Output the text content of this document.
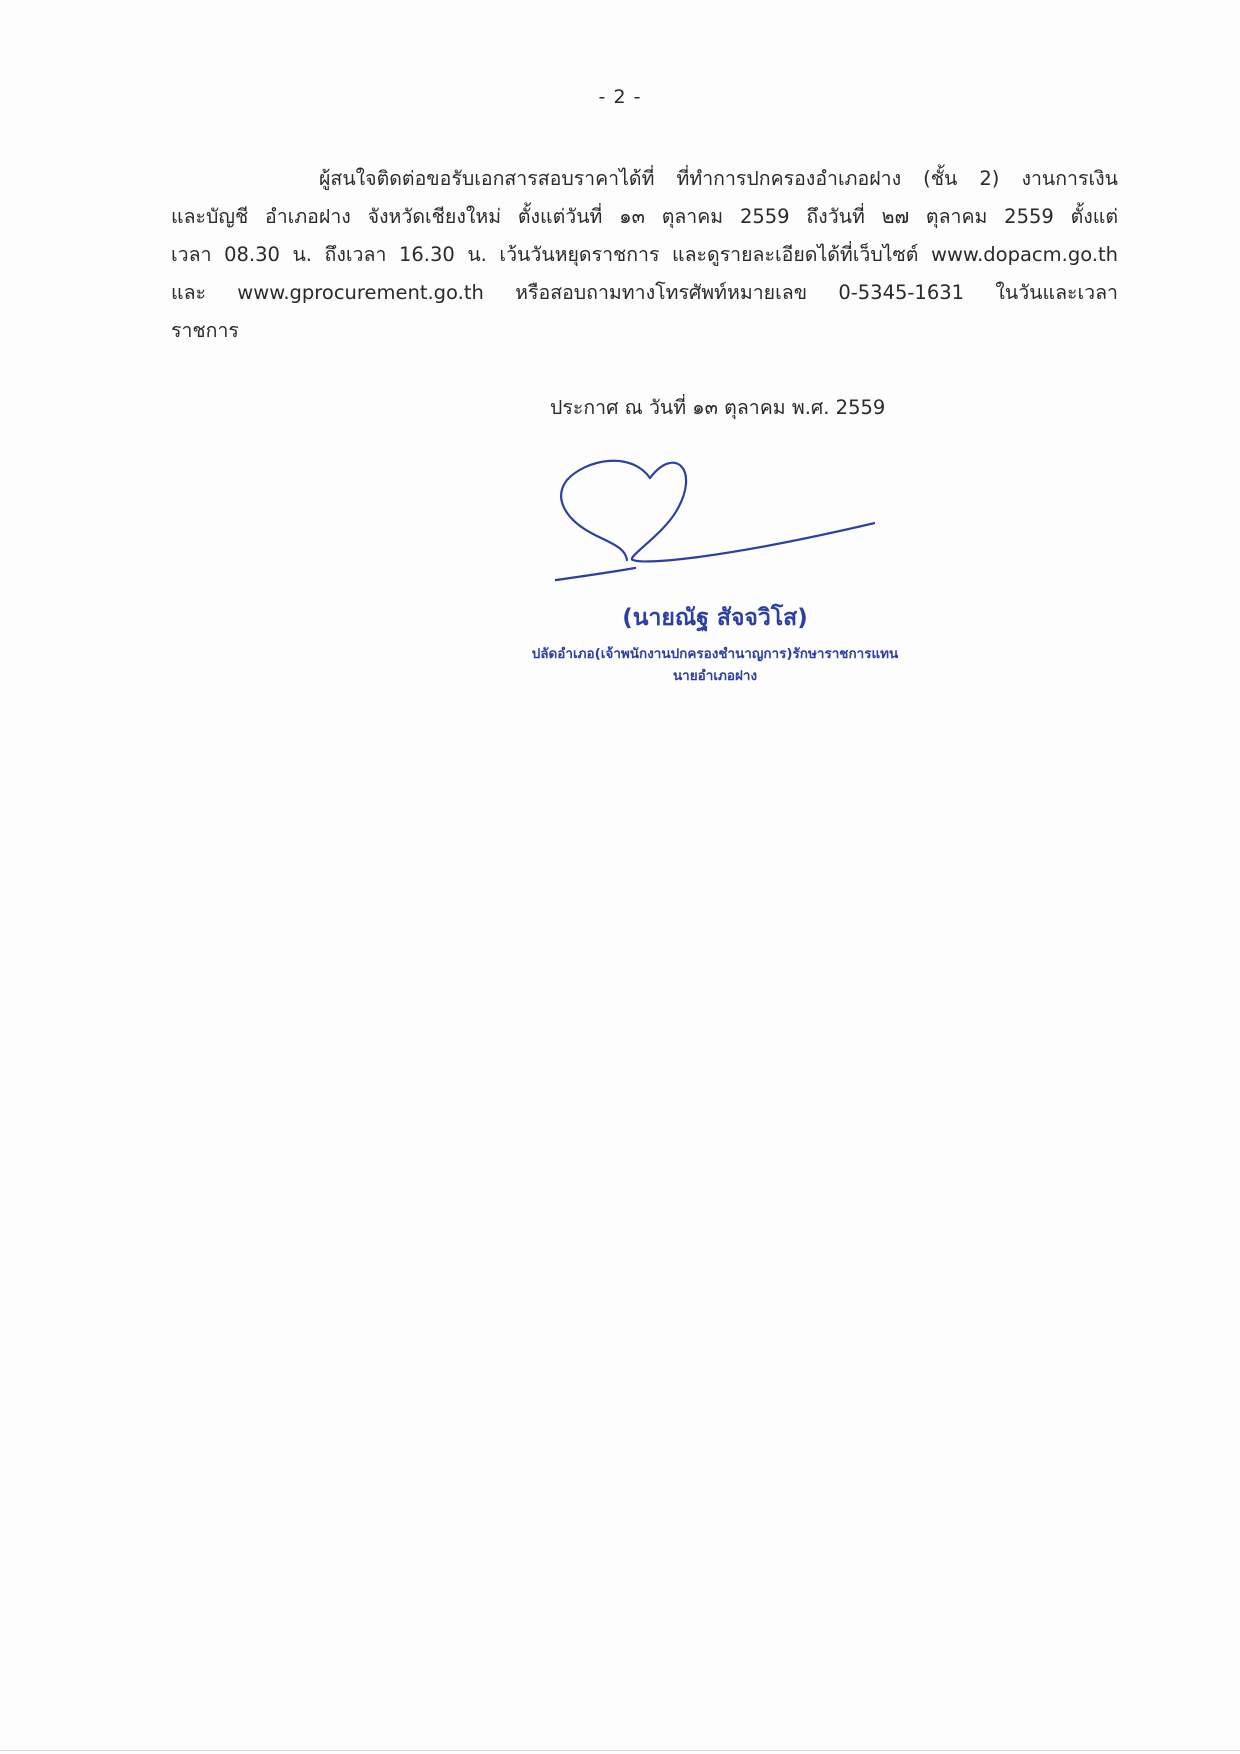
- 2 -
ผู้สนใจติดต่อขอรับเอกสารสอบราคาได้ที่ ที่ทำการปกครองอำเภอฝาง (ชั้น 2) งานการเงิน
และบัญชี อำเภอฝาง จังหวัดเชียงใหม่ ตั้งแต่วันที่ ๑๓ ตุลาคม 2559 ถึงวันที่ ๒๗ ตุลาคม 2559 ตั้งแต่
เวลา 08.30 น. ถึงเวลา 16.30 น. เว้นวันหยุดราชการ และดูรายละเอียดได้ที่เว็บไซต์ www.dopacm.go.th
และ www.gprocurement.go.th หรือสอบถามทางโทรศัพท์หมายเลข 0-5345-1631 ในวันและเวลา
ราชการ
ประกาศ ณ วันที่ ๑๓ ตุลาคม พ.ศ. 2559
(นายณัฐ สัจจวิโส)
ปลัดอำเภอ(เจ้าพนักงานปกครองชำนาญการ)รักษาราชการแทน
นายอำเภอฝาง
